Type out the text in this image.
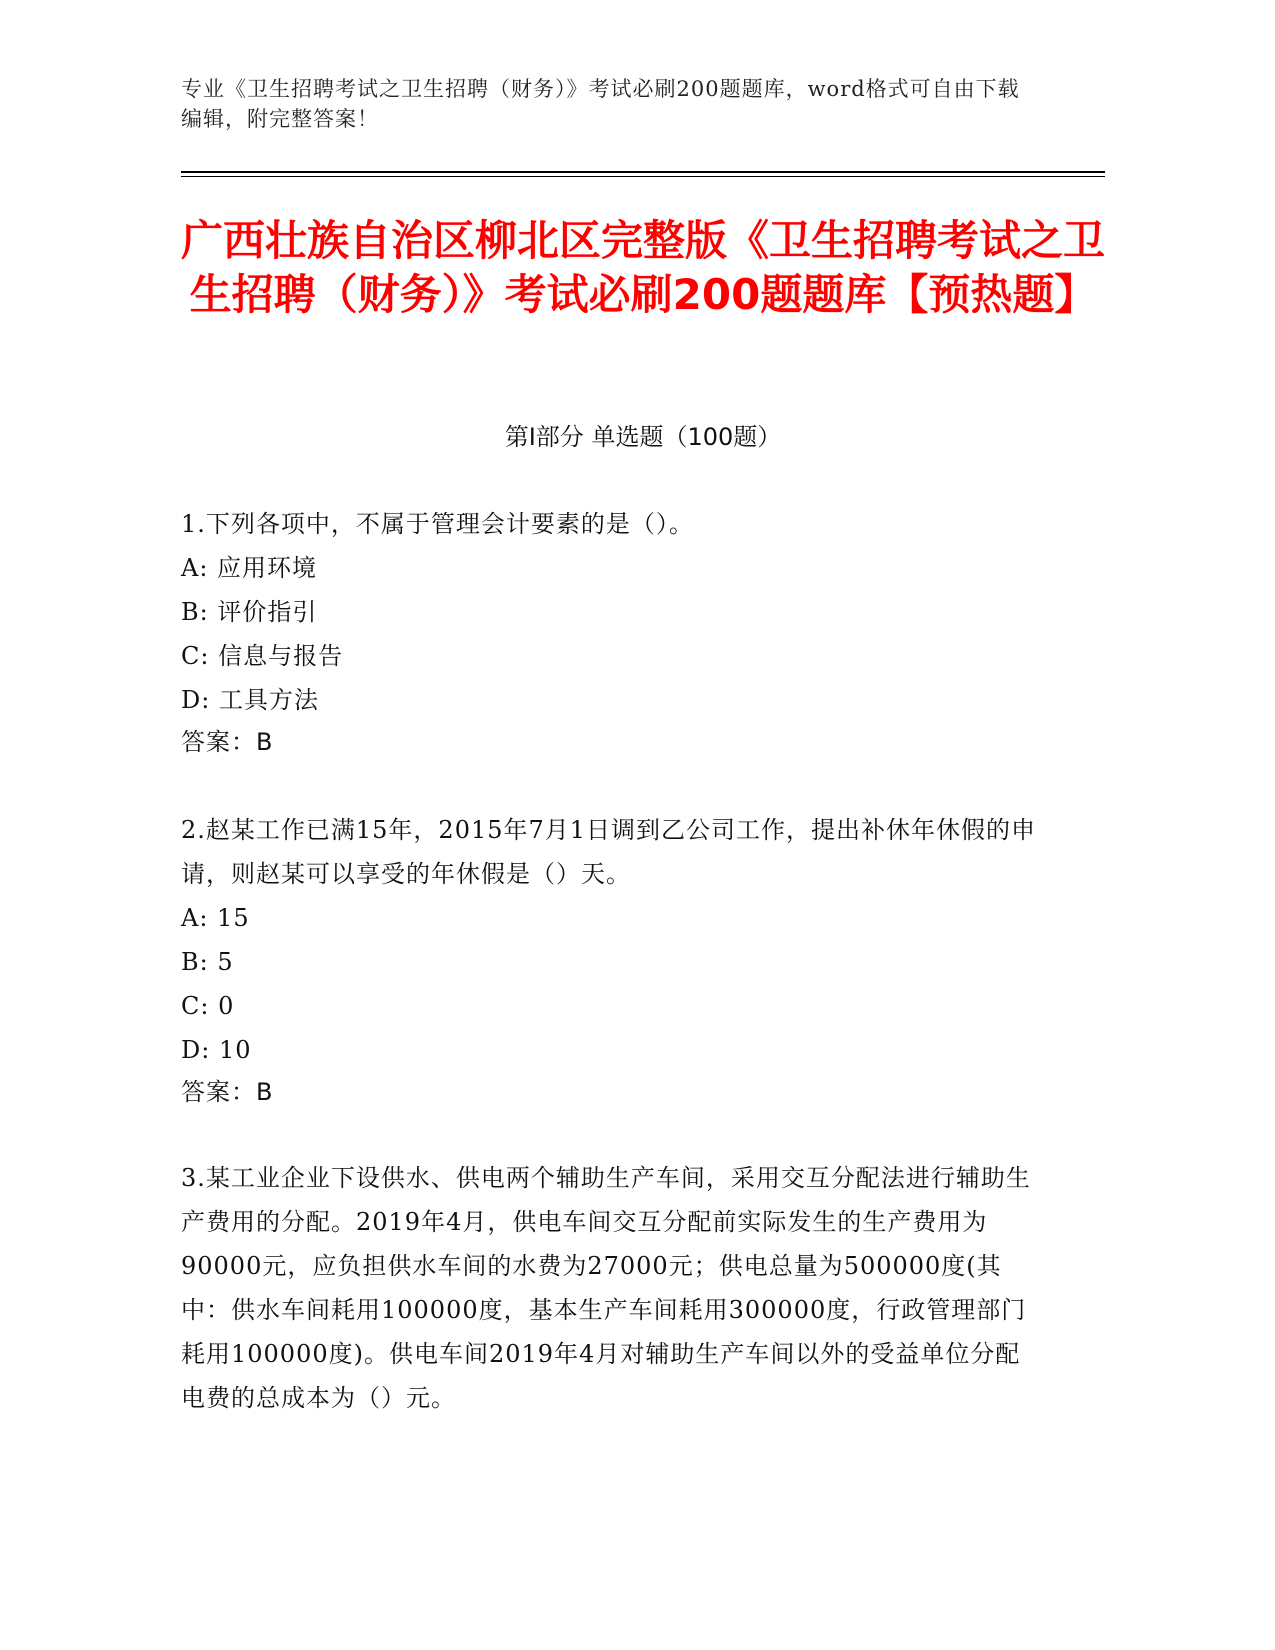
专业《卫生招聘考试之卫生招聘（财务）》考试必刷200题题库，word格式可自由下载编辑，附完整答案！
广西壮族自治区柳北区完整版《卫生招聘考试之卫生招聘（财务）》考试必刷200题题库【预热题】
第Ⅰ部分 单选题（100题）
1.下列各项中，不属于管理会计要素的是（）。
A: 应用环境
B: 评价指引
C: 信息与报告
D: 工具方法
答案：B
2.赵某工作已满15年，2015年7月1日调到乙公司工作，提出补休年休假的申请，则赵某可以享受的年休假是（）天。
A: 15
B: 5
C: 0
D: 10
答案：B
3.某工业企业下设供水、供电两个辅助生产车间，采用交互分配法进行辅助生产费用的分配。2019年4月，供电车间交互分配前实际发生的生产费用为90000元，应负担供水车间的水费为27000元；供电总量为500000度(其中：供水车间耗用100000度，基本生产车间耗用300000度，行政管理部门耗用100000度)。供电车间2019年4月对辅助生产车间以外的受益单位分配电费的总成本为（）元。
